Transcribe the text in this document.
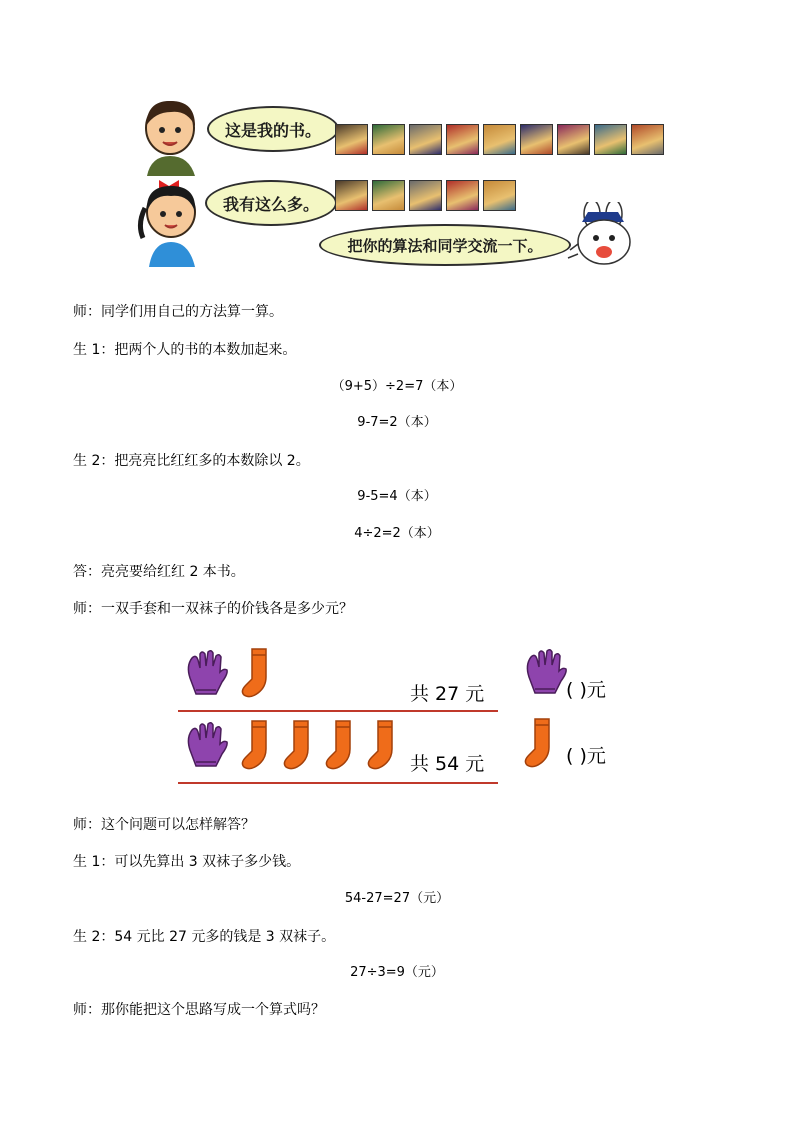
这是我的书。
我有这么多。
把你的算法和同学交流一下。
师：同学们用自己的方法算一算。
生 1：把两个人的书的本数加起来。
（9+5）÷2=7（本）
9-7=2（本）
生 2：把亮亮比红红多的本数除以 2。
9-5=4（本）
4÷2=2（本）
答：亮亮要给红红 2 本书。
师：一双手套和一双袜子的价钱各是多少元？
共 27 元	( )元
共 54 元	( )元
师：这个问题可以怎样解答？
生 1：可以先算出 3 双袜子多少钱。
54-27=27（元）
生 2：54 元比 27 元多的钱是 3 双袜子。
27÷3=9（元）
师：那你能把这个思路写成一个算式吗？
